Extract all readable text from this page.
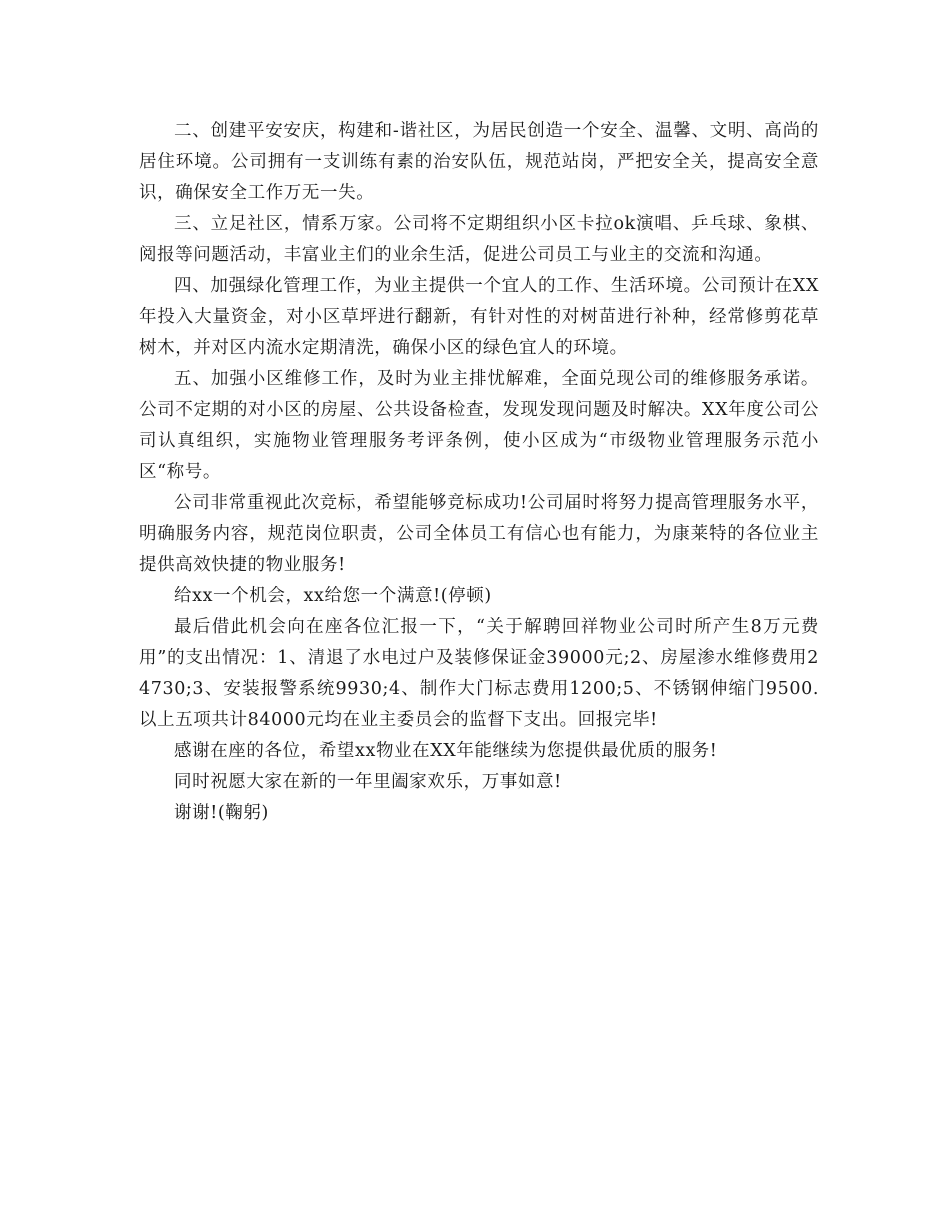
二、创建平安安庆，构建和-谐社区，为居民创造一个安全、温馨、文明、高尚的居住环境。公司拥有一支训练有素的治安队伍，规范站岗，严把安全关，提高安全意识，确保安全工作万无一失。

三、立足社区，情系万家。公司将不定期组织小区卡拉ok演唱、乒乓球、象棋、阅报等问题活动，丰富业主们的业余生活，促进公司员工与业主的交流和沟通。

四、加强绿化管理工作，为业主提供一个宜人的工作、生活环境。公司预计在XX年投入大量资金，对小区草坪进行翻新，有针对性的对树苗进行补种，经常修剪花草树木，并对区内流水定期清洗，确保小区的绿色宜人的环境。

五、加强小区维修工作，及时为业主排忧解难，全面兑现公司的维修服务承诺。公司不定期的对小区的房屋、公共设备检查，发现发现问题及时解决。XX年度公司公司认真组织，实施物业管理服务考评条例，使小区成为“市级物业管理服务示范小区“称号。

公司非常重视此次竞标，希望能够竞标成功!公司届时将努力提高管理服务水平，明确服务内容，规范岗位职责，公司全体员工有信心也有能力，为康莱特的各位业主提供高效快捷的物业服务!

给xx一个机会，xx给您一个满意!(停顿)

最后借此机会向在座各位汇报一下，“关于解聘回祥物业公司时所产生8万元费用”的支出情况：1、清退了水电过户及装修保证金39000元;2、房屋渗水维修费用24730;3、安装报警系统9930;4、制作大门标志费用1200;5、不锈钢伸缩门9500.以上五项共计84000元均在业主委员会的监督下支出。回报完毕!

感谢在座的各位，希望xx物业在XX年能继续为您提供最优质的服务!

同时祝愿大家在新的一年里阖家欢乐，万事如意!

谢谢!(鞠躬)
